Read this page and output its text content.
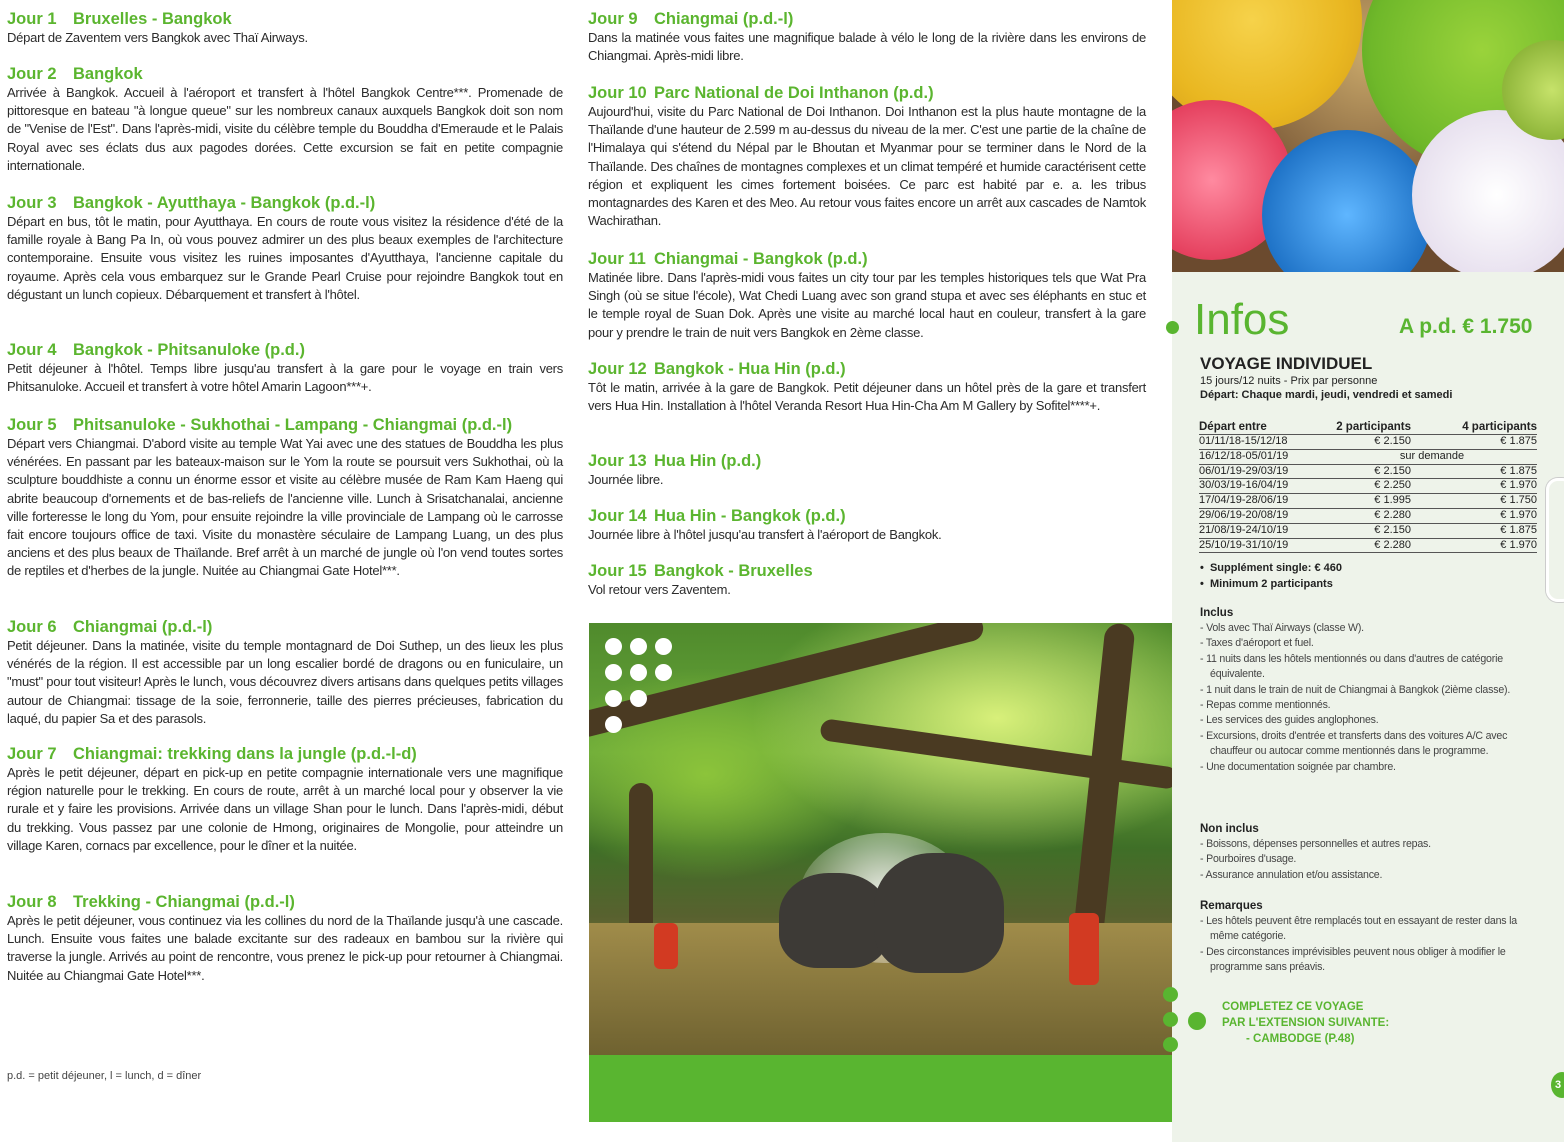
Jour 1 Bruxelles - Bangkok

Départ de Zaventem vers Bangkok avec Thaï Airways.

Jour 2 Bangkok

Arrivée à Bangkok. Accueil à l'aéroport et transfert à l'hôtel Bangkok Centre***. Promenade de pittoresque en bateau "à longue queue" sur les nombreux canaux auxquels Bangkok doit son nom de "Venise de l'Est". Dans l'après-midi, visite du célèbre temple du Bouddha d'Emeraude et le Palais Royal avec ses éclats dus aux pagodes dorées. Cette excursion se fait en petite compagnie internationale.

Jour 3 Bangkok - Ayutthaya - Bangkok (p.d.-l)

Départ en bus, tôt le matin, pour Ayutthaya. En cours de route vous visitez la résidence d'été de la famille royale à Bang Pa In, où vous pouvez admirer un des plus beaux exemples de l'architecture contemporaine. Ensuite vous visitez les ruines imposantes d'Ayutthaya, l'ancienne capitale du royaume. Après cela vous embarquez sur le Grande Pearl Cruise pour rejoindre Bangkok tout en dégustant un lunch copieux. Débarquement et transfert à l'hôtel.

Jour 4 Bangkok - Phitsanuloke (p.d.)

Petit déjeuner à l'hôtel. Temps libre jusqu'au transfert à la gare pour le voyage en train vers Phitsanuloke. Accueil et transfert à votre hôtel Amarin Lagoon***+.

Jour 5 Phitsanuloke - Sukhothai - Lampang - Chiangmai (p.d.-l)

Départ vers Chiangmai. D'abord visite au temple Wat Yai avec une des statues de Bouddha les plus vénérées. En passant par les bateaux-maison sur le Yom la route se poursuit vers Sukhothai, où la sculpture bouddhiste a connu un énorme essor et visite au célèbre musée de Ram Kam Haeng qui abrite beaucoup d'ornements et de bas-reliefs de l'ancienne ville. Lunch à Srisatchanalai, ancienne ville forteresse le long du Yom, pour ensuite rejoindre la ville provinciale de Lampang où le carrosse fait encore toujours office de taxi. Visite du monastère séculaire de Lampang Luang, un des plus anciens et des plus beaux de Thaïlande. Bref arrêt à un marché de jungle où l'on vend toutes sortes de reptiles et d'herbes de la jungle. Nuitée au Chiangmai Gate Hotel***.

Jour 6 Chiangmai (p.d.-l)

Petit déjeuner. Dans la matinée, visite du temple montagnard de Doi Suthep, un des lieux les plus vénérés de la région. Il est accessible par un long escalier bordé de dragons ou en funiculaire, un "must" pour tout visiteur! Après le lunch, vous découvrez divers artisans dans quelques petits villages autour de Chiangmai: tissage de la soie, ferronnerie, taille des pierres précieuses, fabrication du laqué, du papier Sa et des parasols.

Jour 7 Chiangmai: trekking dans la jungle (p.d.-l-d)

Après le petit déjeuner, départ en pick-up en petite compagnie internationale vers une magnifique région naturelle pour le trekking. En cours de route, arrêt à un marché local pour y observer la vie rurale et y faire les provisions. Arrivée dans un village Shan pour le lunch. Dans l'après-midi, début du trekking. Vous passez par une colonie de Hmong, originaires de Mongolie, pour atteindre un village Karen, cornacs par excellence, pour le dîner et la nuitée.

Jour 8 Trekking - Chiangmai (p.d.-l)

Après le petit déjeuner, vous continuez via les collines du nord de la Thaïlande jusqu'à une cascade. Lunch. Ensuite vous faites une balade excitante sur des radeaux en bambou sur la rivière qui traverse la jungle. Arrivés au point de rencontre, vous prenez le pick-up pour retourner à Chiangmai. Nuitée au Chiangmai Gate Hotel***.

Jour 9 Chiangmai (p.d.-l)

Dans la matinée vous faites une magnifique balade à vélo le long de la rivière dans les environs de Chiangmai. Après-midi libre.

Jour 10 Parc National de Doi Inthanon (p.d.)

Aujourd'hui, visite du Parc National de Doi Inthanon. Doi Inthanon est la plus haute montagne de la Thaïlande d'une hauteur de 2.599 m au-dessus du niveau de la mer. C'est une partie de la chaîne de l'Himalaya qui s'étend du Népal par le Bhoutan et Myanmar pour se terminer dans le Nord de la Thaïlande. Des chaînes de montagnes complexes et un climat tempéré et humide caractérisent cette région et expliquent les cimes fortement boisées. Ce parc est habité par e. a. les tribus montagnardes des Karen et des Meo. Au retour vous faites encore un arrêt aux cascades de Namtok Wachirathan.

Jour 11 Chiangmai - Bangkok (p.d.)

Matinée libre. Dans l'après-midi vous faites un city tour par les temples historiques tels que Wat Pra Singh (où se situe l'école), Wat Chedi Luang avec son grand stupa et avec ses éléphants en stuc et le temple royal de Suan Dok. Après une visite au marché local haut en couleur, transfert à la gare pour y prendre le train de nuit vers Bangkok en 2ème classe.

Jour 12 Bangkok - Hua Hin (p.d.)

Tôt le matin, arrivée à la gare de Bangkok. Petit déjeuner dans un hôtel près de la gare et transfert vers Hua Hin. Installation à l'hôtel Veranda Resort Hua Hin-Cha Am M Gallery by Sofitel****+.

Jour 13 Hua Hin (p.d.)

Journée libre.

Jour 14 Hua Hin - Bangkok (p.d.)

Journée libre à l'hôtel jusqu'au transfert à l'aéroport de Bangkok.

Jour 15 Bangkok - Bruxelles

Vol retour vers Zaventem.

p.d. = petit déjeuner, l = lunch, d = dîner
Infos	A p.d. € 1.750
VOYAGE INDIVIDUEL
15 jours/12 nuits - Prix par personne
Départ: Chaque mardi, jeudi, vendredi et samedi
Départ entre	2 participants	4 participants
01/11/18-15/12/18	€ 2.150	€ 1.875
16/12/18-05/01/19	sur demande	
06/01/19-29/03/19	€ 2.150	€ 1.875
30/03/19-16/04/19	€ 2.250	€ 1.970
17/04/19-28/06/19	€ 1.995	€ 1.750
29/06/19-20/08/19	€ 2.280	€ 1.970
21/08/19-24/10/19	€ 2.150	€ 1.875
25/10/19-31/10/19	€ 2.280	€ 1.970
•  Supplément single: € 460
•  Minimum 2 participants
Inclus
- Vols avec Thaï Airways (classe W).
- Taxes d'aéroport et fuel.
- 11 nuits dans les hôtels mentionnés ou dans d'autres de catégorie équivalente.
- 1 nuit dans le train de nuit de Chiangmai à Bangkok (2ième classe).
- Repas comme mentionnés.
- Les services des guides anglophones.
- Excursions, droits d'entrée et transferts dans des voitures A/C avec chauffeur ou autocar comme mentionnés dans le programme.
- Une documentation soignée par chambre.
Non inclus
- Boissons, dépenses personnelles et autres repas.
- Pourboires d'usage.
- Assurance annulation et/ou assistance.
Remarques
- Les hôtels peuvent être remplacés tout en essayant de rester dans la même catégorie.
- Des circonstances imprévisibles peuvent nous obliger à modifier le programme sans préavis.
COMPLETEZ CE VOYAGE
PAR L'EXTENSION SUIVANTE:
- CAMBODGE (P.48)
3
